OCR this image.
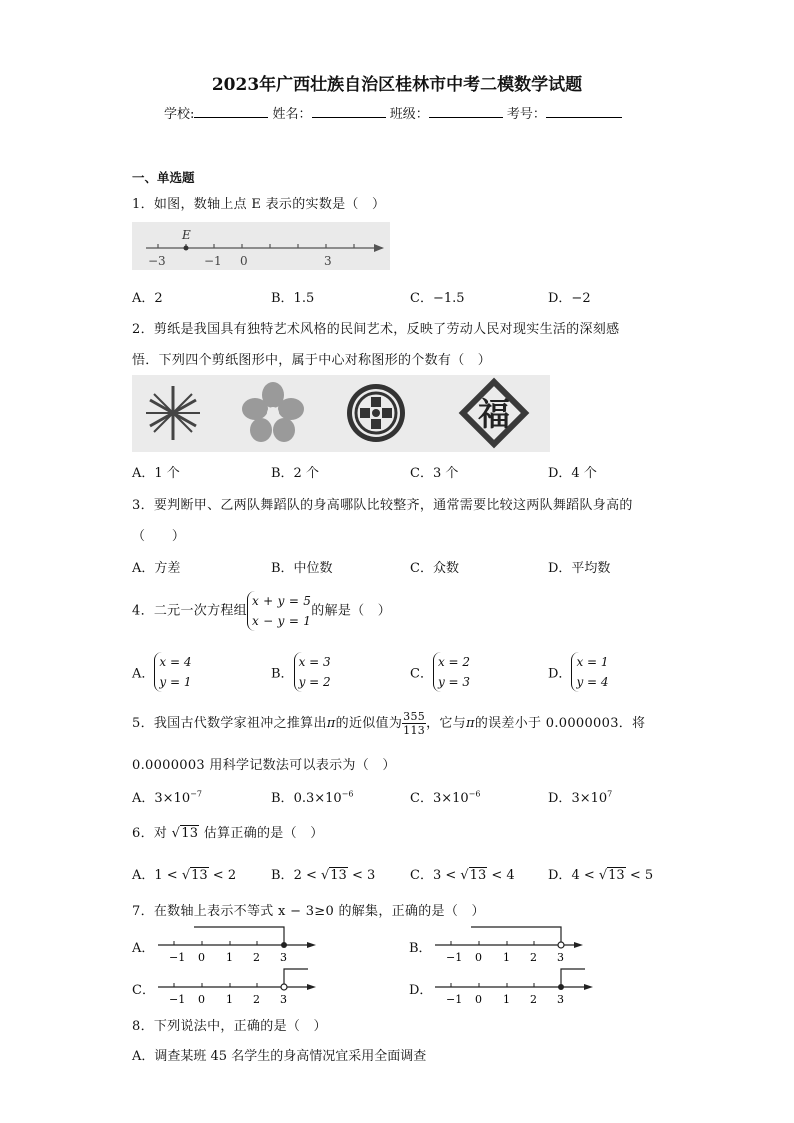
2023年广西壮族自治区桂林市中考二模数学试题
学校:	姓名：	班级：	考号：
一、单选题
1．如图，数轴上点 E 表示的实数是（　）
E
−3	−1 0	3
A．2	B．1.5	C．−1.5	D．−2
2．剪纸是我国具有独特艺术风格的民间艺术，反映了劳动人民对现实生活的深刻感
悟．下列四个剪纸图形中，属于中心对称图形的个数有（　）
福
A．1 个	B．2 个	C．3 个	D．4 个
3．要判断甲、乙两队舞蹈队的身高哪队比较整齐，通常需要比较这两队舞蹈队身高的
（　　）
A．方差	B．中位数	C．众数	D．平均数
4．二元一次方程组
x + y = 5
x − y = 1
的解是（　）
A．
x = 4
y = 1
B．
x = 3
y = 2
C．
x = 2
y = 3
D．
x = 1
y = 4
5．我国古代数学家祖冲之推算出π的近似值为 $\frac{355}{113}$ ，它与π的误差小于 0.0000003．将
0.0000003 用科学记数法可以表示为（　）
A．$3\times 10^{-7}$	B．$0.3\times 10^{-6}$	C．$3\times 10^{-6}$	D．$3\times 10^7$
6．对 √13 估算正确的是（　）
A．1 < √13 < 2	B．2 < √13 < 3	C．3 < √13 < 4	D．4 < √13 < 5
7．在数轴上表示不等式 x − 3≥0 的解集，正确的是（　）
A．
−1 0 1 2 3
B．
−1 0 1 2 3
C．
−1 0 1 2 3
D．
−1 0 1 2 3
8．下列说法中，正确的是（　）
A．调查某班 45 名学生的身高情况宜采用全面调查
